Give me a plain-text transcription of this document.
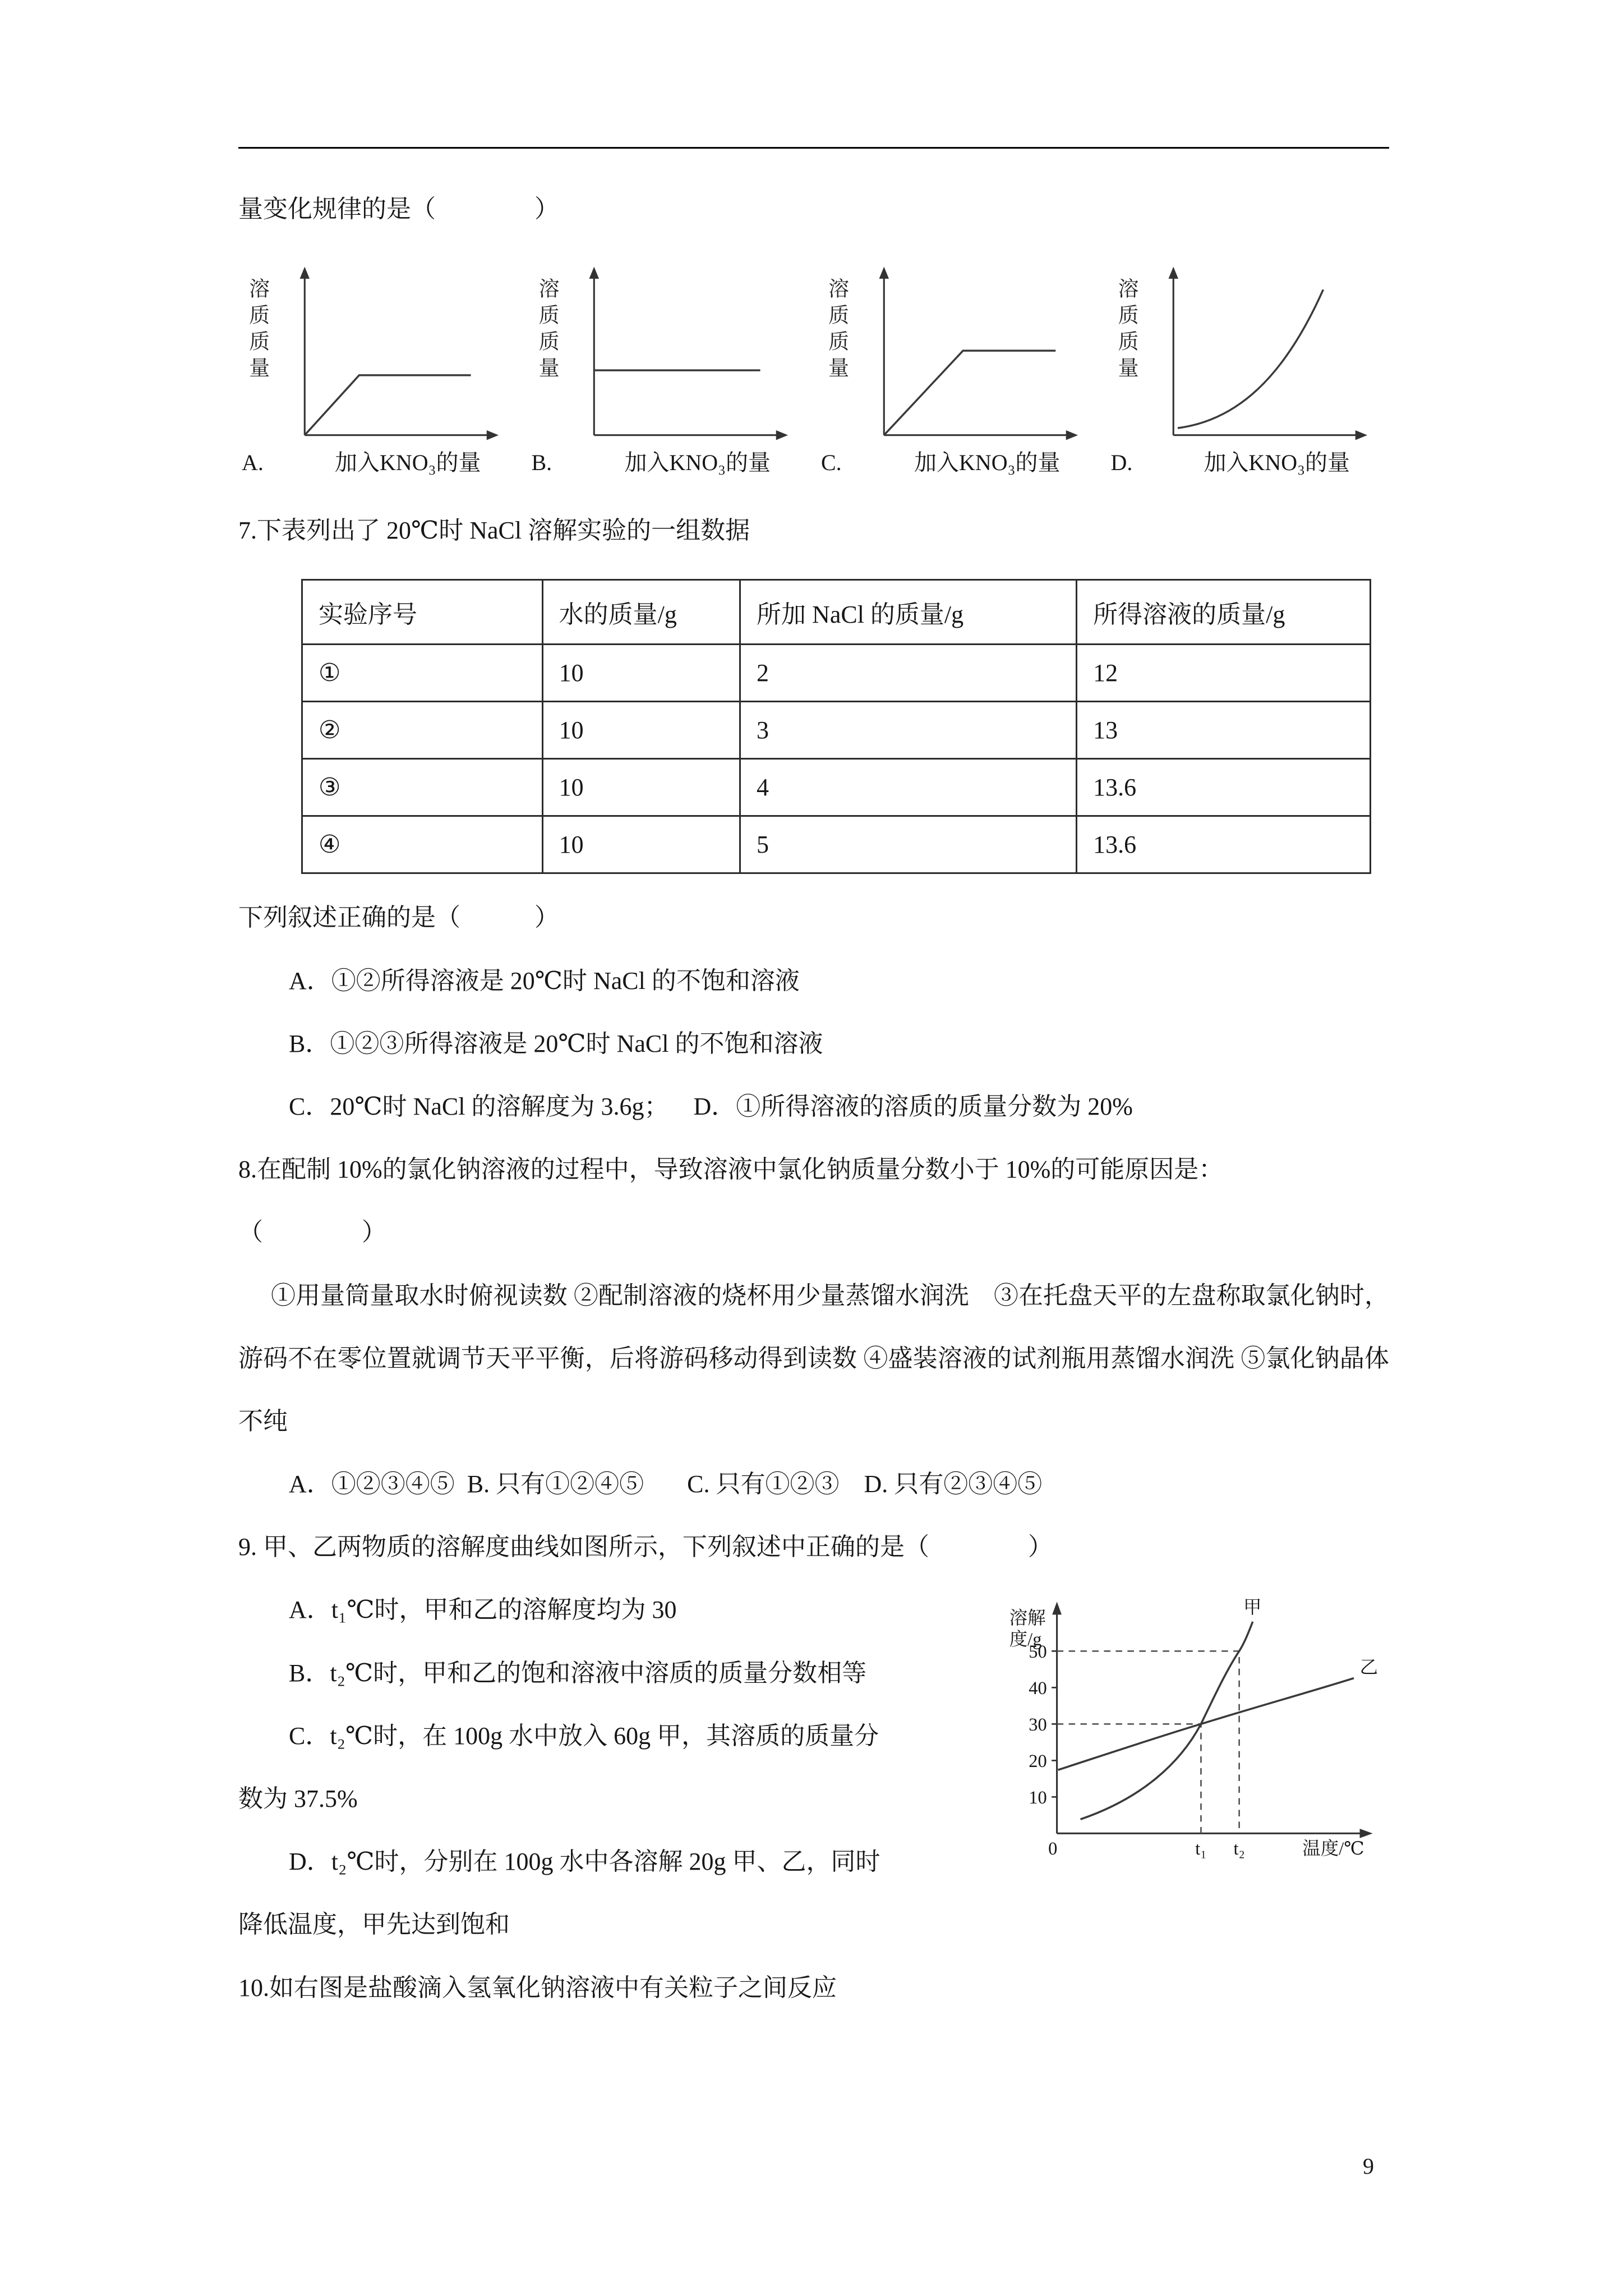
量变化规律的是（　　　　）

溶质质量
A.	加入KNO₃的量
溶质质量
B.	加入KNO₃的量
溶质质量
C.	加入KNO₃的量
溶质质量
D.	加入KNO₃的量

7.下表列出了 20℃时 NaCl 溶解实验的一组数据

实验序号	水的质量/g	所加 NaCl 的质量/g	所得溶液的质量/g
①	10	2	12
②	10	3	13
③	10	4	13.6
④	10	5	13.6

下列叙述正确的是（　　　）

A．①②所得溶液是 20℃时 NaCl 的不饱和溶液

B．①②③所得溶液是 20℃时 NaCl 的不饱和溶液

C．20℃时 NaCl 的溶解度为 3.6g；    D．①所得溶液的溶质的质量分数为 20%

8.在配制 10%的氯化钠溶液的过程中，导致溶液中氯化钠质量分数小于 10%的可能原因是：

（　　　　）

①用量筒量取水时俯视读数 ②配制溶液的烧杯用少量蒸馏水润洗　③在托盘天平的左盘称取氯化钠时，游码不在零位置就调节天平平衡，后将游码移动得到读数 ④盛装溶液的试剂瓶用蒸馏水润洗 ⑤氯化钠晶体不纯

A．①②③④⑤  B. 只有①②④⑤       C. 只有①②③    D. 只有②③④⑤

9. 甲、乙两物质的溶解度曲线如图所示，下列叙述中正确的是（　　　　）

溶解
度/g
50
40
30
20
10
甲
乙
0	t₁ t₂	温度/℃

A．t₁℃时，甲和乙的溶解度均为 30

B．t₂℃时，甲和乙的饱和溶液中溶质的质量分数相等

C．t₂℃时，在 100g 水中放入 60g 甲，其溶质的质量分

数为 37.5%

D．t₂℃时，分别在 100g 水中各溶解 20g 甲、乙，同时

降低温度，甲先达到饱和

10.如右图是盐酸滴入氢氧化钠溶液中有关粒子之间反应

9
